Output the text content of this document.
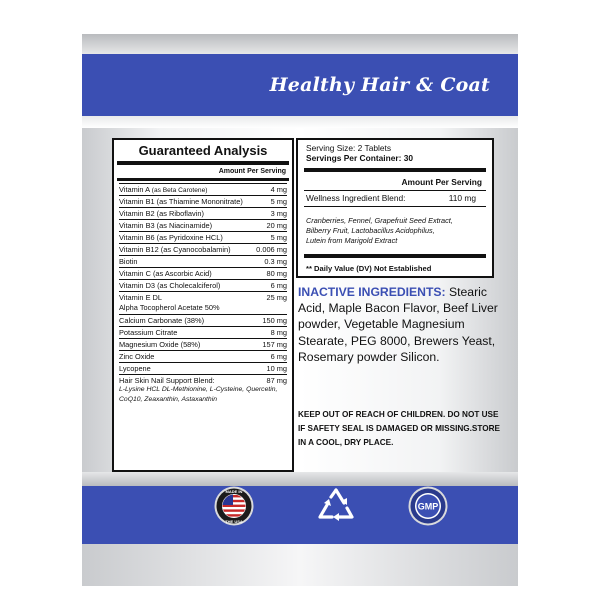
Healthy Hair & Coat
Guaranteed Analysis
Amount Per Serving
Vitamin A (as Beta Carotene)	4 mg
Vitamin B1 (as Thiamine Mononitrate)	5 mg
Vitamin B2 (as Riboflavin)	3 mg
Vitamin B3 (as Niacinamide)	20 mg
Vitamin B6 (as Pyridoxine HCL)	5 mg
Vitamin B12 (as Cyanocobalamin)	0.006 mg
Biotin	0.3 mg
Vitamin C (as Ascorbic Acid)	80 mg
Vitamin D3 (as Cholecalciferol)	6 mg
Vitamin E DL	25 mg
Alpha Tocopherol Acetate 50%
Calcium Carbonate (38%)	150 mg
Potassium Citrate	8 mg
Magnesium Oxide (58%)	157 mg
Zinc Oxide	6 mg
Lycopene	10 mg
Hair Skin Nail Support Blend:	87 mg
L-Lysine HCL DL-Methionine, L-Cysteine, Quercetin,
CoQ10, Zeaxanthin, Astaxanthin
Serving Size: 2 Tablets
Servings Per Container: 30
Amount Per Serving
Wellness Ingredient Blend:	110 mg
Cranberries, Fennel, Grapefruit Seed Extract,
Bilberry Fruit, Lactobacillus Acidophilus,
Lutein from Marigold Extract
** Daily Value (DV) Not Established
INACTIVE INGREDIENTS: Stearic Acid, Maple Bacon Flavor, Beef Liver powder, Vegetable Magnesium Stearate, PEG 8000, Brewers Yeast, Rosemary powder Silicon.
KEEP OUT OF REACH OF CHILDREN. DO NOT USE
IF SAFETY SEAL IS DAMAGED OR MISSING.STORE
IN A COOL, DRY PLACE.
MADE IN
THE USA
GMP
